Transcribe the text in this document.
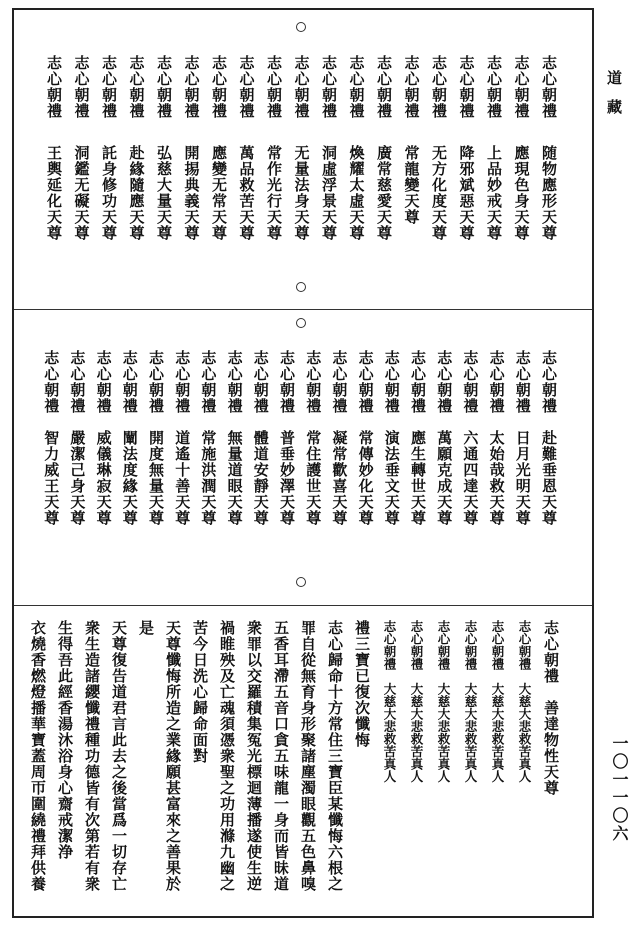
道藏
一〇一一〇六
志心朝禮
随物應形天尊
志心朝禮
應現色身天尊
志心朝禮
上品妙戒天尊
志心朝禮
降邪斌惡天尊
志心朝禮
无方化度天尊
志心朝禮
常龍變天尊
志心朝禮
廣常慈愛天尊
志心朝禮
煥耀太虛天尊
志心朝禮
洞虛浮景天尊
志心朝禮
无量法身天尊
志心朝禮
常作光行天尊
志心朝禮
萬品救苦天尊
志心朝禮
應變无常天尊
志心朝禮
開掦典義天尊
志心朝禮
弘慈大量天尊
志心朝禮
赴緣隨應天尊
志心朝禮
託身修功天尊
志心朝禮
洞鑑无礙天尊
志心朝禮
王輿延化天尊
志心朝禮
赴難垂恩天尊
志心朝禮
日月光明天尊
志心朝禮
太始哉救天尊
志心朝禮
六通四達天尊
志心朝禮
萬願克成天尊
志心朝禮
應生轉世天尊
志心朝禮
演法垂文天尊
志心朝禮
常傳妙化天尊
志心朝禮
凝常歡喜天尊
志心朝禮
常住護世天尊
志心朝禮
普垂妙澤天尊
志心朝禮
體道安靜天尊
志心朝禮
無量道眼天尊
志心朝禮
常施洪潤天尊
志心朝禮
道遙十善天尊
志心朝禮
開度無量天尊
志心朝禮
闡法度緣天尊
志心朝禮
威儀琳寂天尊
志心朝禮
嚴潔己身天尊
志心朝禮
智力威王天尊
志心朝禮　善達物性天尊
志心朝禮　大慈大悲救苦真人
志心朝禮　大慈大悲救苦真人
志心朝禮　大慈大悲救苦真人
志心朝禮　大慈大悲救苦真人
志心朝禮　大慈大悲救苦真人
志心朝禮　大慈大悲救苦真人
禮三寶已復次懺悔
志心歸命十方常住三寶臣某懺悔六根之
罪自從無育身形聚諸塵濁眼觀五色鼻嗅
五香耳滯五音口貪五味龍一身而皆昧道
衆罪以交羅積集冤光標迴薄播遂使生逆
禍睢殃及亡魂須憑衆聖之功用滌九幽之
苦今日洗心歸命面對
天尊懺悔所造之業緣願甚富來之善果於
是
天尊復告道君言此去之後當爲一切存亡
衆生造諸纓懺禮種功德皆有次第若有衆
生得吾此經香湯沐浴身心齋戒潔浄
衣燒香燃燈播華寶蓋周帀圍繞禮拜供養
